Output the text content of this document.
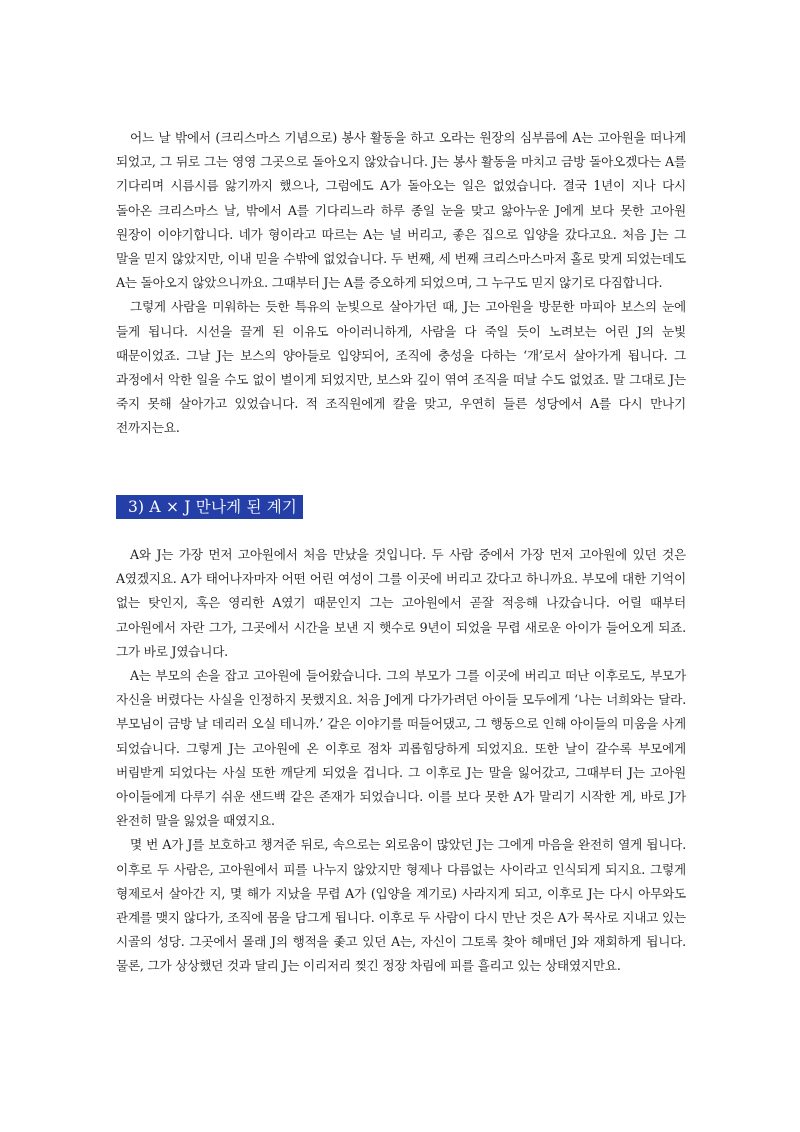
어느 날 밖에서 (크리스마스 기념으로) 봉사 활동을 하고 오라는 원장의 심부름에 A는 고아원을 떠나게 되었고, 그 뒤로 그는 영영 그곳으로 돌아오지 않았습니다. J는 봉사 활동을 마치고 금방 돌아오겠다는 A를 기다리며 시름시름 앓기까지 했으나, 그럼에도 A가 돌아오는 일은 없었습니다. 결국 1년이 지나 다시 돌아온 크리스마스 날, 밖에서 A를 기다리느라 하루 종일 눈을 맞고 앓아누운 J에게 보다 못한 고아원 원장이 이야기합니다. 네가 형이라고 따르는 A는 널 버리고, 좋은 집으로 입양을 갔다고요. 처음 J는 그 말을 믿지 않았지만, 이내 믿을 수밖에 없었습니다. 두 번째, 세 번째 크리스마스마저 홀로 맞게 되었는데도 A는 돌아오지 않았으니까요. 그때부터 J는 A를 증오하게 되었으며, 그 누구도 믿지 않기로 다짐합니다.

그렇게 사람을 미워하는 듯한 특유의 눈빛으로 살아가던 때, J는 고아원을 방문한 마피아 보스의 눈에 들게 됩니다. 시선을 끌게 된 이유도 아이러니하게, 사람을 다 죽일 듯이 노려보는 어린 J의 눈빛 때문이었죠. 그날 J는 보스의 양아들로 입양되어, 조직에 충성을 다하는 ‘개’로서 살아가게 됩니다. 그 과정에서 악한 일을 수도 없이 벌이게 되었지만, 보스와 깊이 엮여 조직을 떠날 수도 없었죠. 말 그대로 J는 죽지 못해 살아가고 있었습니다. 적 조직원에게 칼을 맞고, 우연히 들른 성당에서 A를 다시 만나기 전까지는요.

3) A × J 만나게 된 계기

A와 J는 가장 먼저 고아원에서 처음 만났을 것입니다. 두 사람 중에서 가장 먼저 고아원에 있던 것은 A였겠지요. A가 태어나자마자 어떤 어린 여성이 그를 이곳에 버리고 갔다고 하니까요. 부모에 대한 기억이 없는 탓인지, 혹은 영리한 A였기 때문인지 그는 고아원에서 곧잘 적응해 나갔습니다. 어릴 때부터 고아원에서 자란 그가, 그곳에서 시간을 보낸 지 햇수로 9년이 되었을 무렵 새로운 아이가 들어오게 되죠. 그가 바로 J였습니다.

A는 부모의 손을 잡고 고아원에 들어왔습니다. 그의 부모가 그를 이곳에 버리고 떠난 이후로도, 부모가 자신을 버렸다는 사실을 인정하지 못했지요. 처음 J에게 다가가려던 아이들 모두에게 ‘나는 너희와는 달라. 부모님이 금방 날 데리러 오실 테니까.’ 같은 이야기를 떠들어댔고, 그 행동으로 인해 아이들의 미움을 사게 되었습니다. 그렇게 J는 고아원에 온 이후로 점차 괴롭힘당하게 되었지요. 또한 날이 갈수록 부모에게 버림받게 되었다는 사실 또한 깨닫게 되었을 겁니다. 그 이후로 J는 말을 잃어갔고, 그때부터 J는 고아원 아이들에게 다루기 쉬운 샌드백 같은 존재가 되었습니다. 이를 보다 못한 A가 말리기 시작한 게, 바로 J가 완전히 말을 잃었을 때였지요.

몇 번 A가 J를 보호하고 챙겨준 뒤로, 속으로는 외로움이 많았던 J는 그에게 마음을 완전히 열게 됩니다. 이후로 두 사람은, 고아원에서 피를 나누지 않았지만 형제나 다름없는 사이라고 인식되게 되지요. 그렇게 형제로서 살아간 지, 몇 해가 지났을 무렵 A가 (입양을 계기로) 사라지게 되고, 이후로 J는 다시 아무와도 관계를 맺지 않다가, 조직에 몸을 담그게 됩니다. 이후로 두 사람이 다시 만난 것은 A가 목사로 지내고 있는 시골의 성당. 그곳에서 몰래 J의 행적을 좇고 있던 A는, 자신이 그토록 찾아 헤매던 J와 재회하게 됩니다. 물론, 그가 상상했던 것과 달리 J는 이리저리 찢긴 정장 차림에 피를 흘리고 있는 상태였지만요.
